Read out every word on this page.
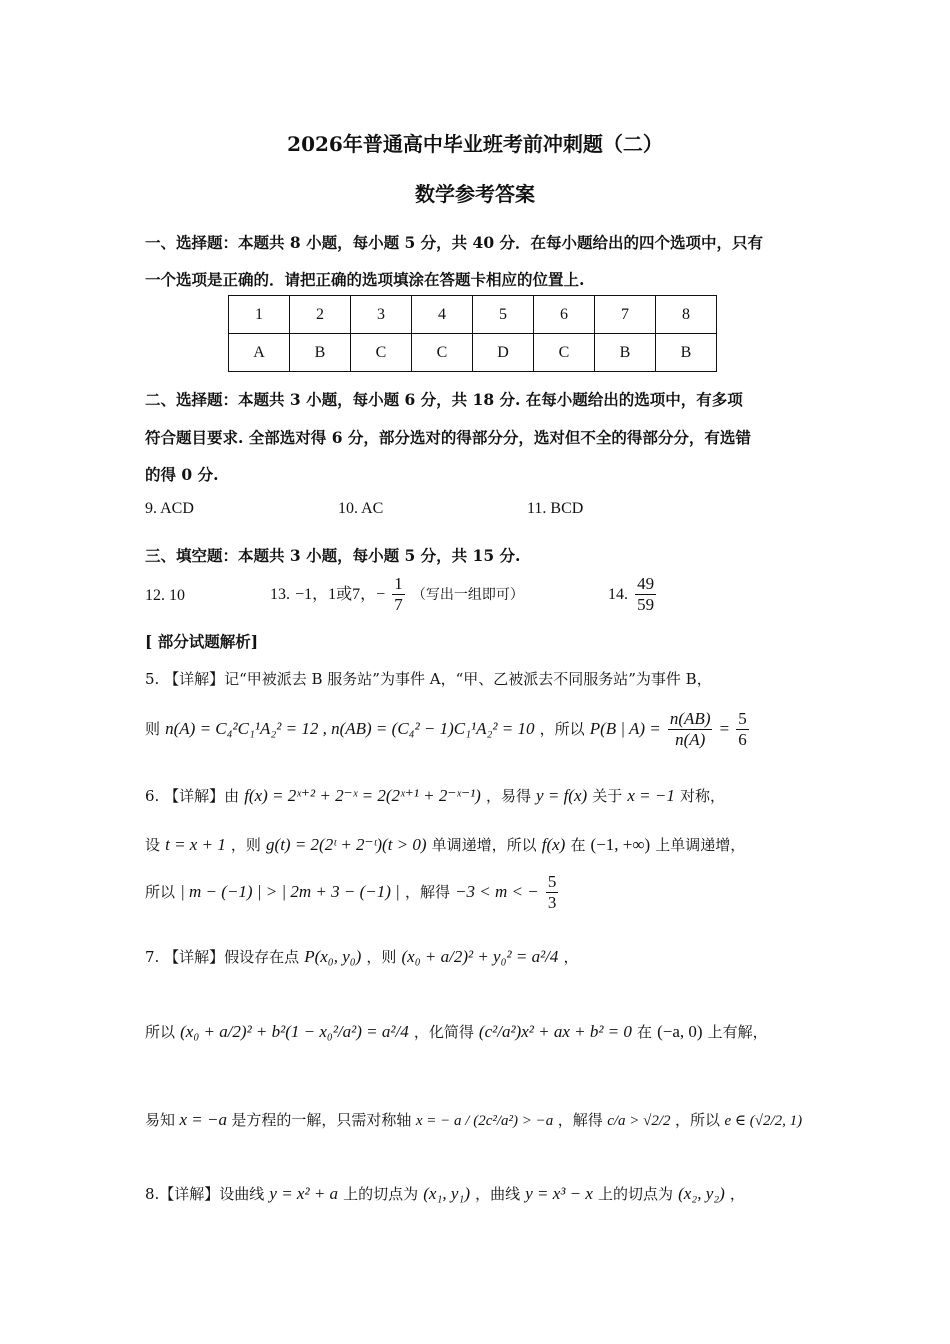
2026年普通高中毕业班考前冲刺题（二）
数学参考答案
一、选择题：本题共 8 小题，每小题 5 分，共 40 分．在每小题给出的四个选项中，只有
一个选项是正确的．请把正确的选项填涂在答题卡相应的位置上.
1	2	3	4	5	6	7	8
A	B	C	C	D	C	B	B
二、选择题：本题共 3 小题，每小题 6 分，共 18 分. 在每小题给出的选项中，有多项
符合题目要求. 全部选对得 6 分，部分选对的得部分分，选对但不全的得部分分，有选错
的得 0 分.
9. ACD	10. AC	11. BCD
三、填空题：本题共 3 小题，每小题 5 分，共 15 分.
12. 10	13. −1，1或7，− $\frac{1}{7}$ （写出一组即可）	14. $\frac{49}{59}$
[ 部分试题解析]
5. 【详解】记“甲被派去 B 服务站”为事件 A，“甲、乙被派去不同服务站”为事件 B，
则 n(A) = C₄²C₁¹A₂² = 12 , n(AB) = (C₄² − 1)C₁¹A₂² = 10 ，所以 P(B | $A) = \frac{n(AB)}{n(A)} = \frac{5}{6}$
6. 【详解】由 f(x) = 2ˣ⁺² + 2⁻ˣ = 2(2ˣ⁺¹ + 2⁻ˣ⁻¹) ，易得 y = f(x) 关于 x = −1 对称，
设 t = x + 1 ，则 g(t) = 2(2ᵗ + 2⁻ᵗ)(t > 0) 单调递增，所以 f(x) 在 (−1, +∞) 上单调递增，
所以 | m − (−1) | > | 2m + 3 − (−1) | ，解得 −3 < m < − $\frac{5}{3}$
7. 【详解】假设存在点 P(x₀, y₀) ，则 (x₀ + a/2)² + y₀² = a²/4 ，
所以 (x₀ + a/2)² + b²(1 − x₀²/a²) = a²/4 ，化简得 (c²/a²)x² + ax + b² = 0 在 (−a, 0) 上有解，
易知 x = −a 是方程的一解，只需对称轴 x = − a / (2c²/a²) > −a ，解得 c/a > √2/2 ，所以 e ∈ (√2/2, 1)
8.【详解】设曲线 y = x² + a 上的切点为 (x₁, y₁) ，曲线 y = x³ − x 上的切点为 (x₂, y₂) ，
